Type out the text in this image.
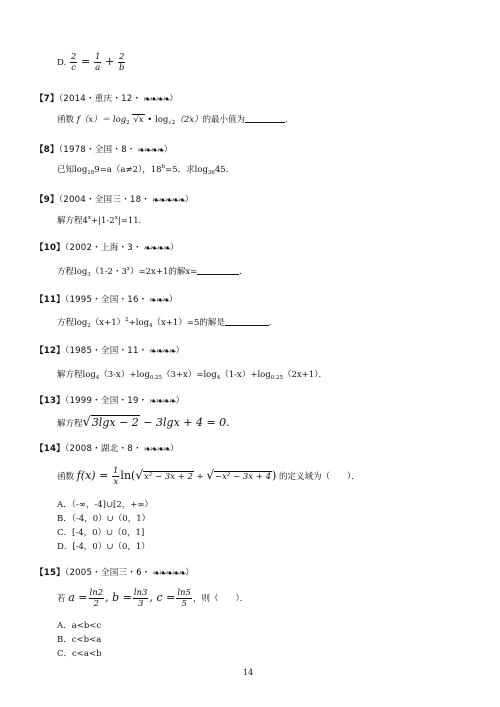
D. $\frac{2}{c} = \frac{1}{a} + \frac{2}{b}$
【7】（2014・重庆・12・ ❧❧❧❧）
函数 $f(x)= \log_2 √x$ • $\log_{√2}(2x)$的最小值为	．
【8】（1978・全国・8・ ❧❧❧❧）
已知$\log_{18}9=a(a\ne 2)$，$18^b=5$．求$\log_{36}45$．
【9】（2004・全国三・18・ ❧❧❧❧❧）
解方程$4^x+|1-2^x|=11$．
【10】（2002・上海・3・ ❧❧❧❧）
方程$\log_3(1-2$・$3^x)=2x+1$的解x=	．
【11】（1995・全国・16・ ❧❧❧）
方程$\log_2(x+1)^2+\log_4(x+1)=5$的解是	．
【12】（1985・全国・11・ ❧❧❧❧）
解方程$\log_4(3-x)+\log_{0.25}(3+x)=\log_4(1-x)+\log_{0.25}(2x+1)$．
【13】（1999・全国・19・ ❧❧❧❧）
解方程√3lgx − 2 − 3lgx + 4 = 0.
【14】（2008・湖北・8・ ❧❧❧❧）
函数 $f(x) = \frac{1}{x} \ln(√x^2 - 3x + 2 + √-x^2 - 3x + 4)$ 的定义域为（　　）．
A．（-∞，-4]∪[2，+∞）
B．（-4，0）∪（0，1）
C．[-4，0）∪（0，1]
D．[-4，0）∪（0，1）
【15】（2005・全国三・6・ ❧❧❧❧❧）
若 $a = \frac{\ln 2}{2}$ , $b = \frac{\ln 3}{3}$ , $c = \frac{\ln 5}{5}$ ，则（　　）．
A．a<b<c
B．c<b<a
C．c<a<b
14
